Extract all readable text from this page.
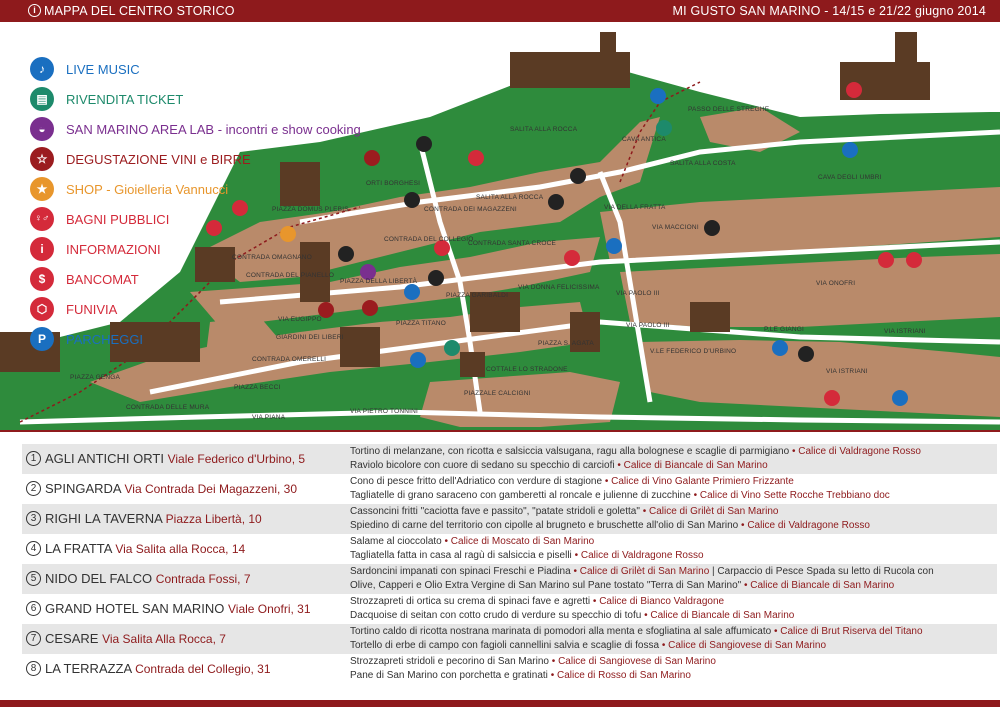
i MAPPA DEL CENTRO STORICO	MI GUSTO SAN MARINO - 14/15 e 21/22 giugno 2014
PASSO DELLE STREGHE
CAVA ANTICA
SALITA ALLA COSTA
CAVA DEGLI UMBRI
SALITA ALLA ROCCA
ORTI BORGHESI
PIAZZA DOMUS PLEBIS	CONTRADA DEI MAGAZZENI
SALITA ALLA ROCCA
VIA DELLA FRATTA
VIA MACCIONI
CONTRADA OMAGNANO
CONTRADA DEL PIANELLO
CONTRADA DEL COLLEGIO
CONTRADA SANTA CROCE
PIAZZA DELLA LIBERTÀ
PIAZZA GARIBALDI
VIA DONNA FELICISSIMA
VIA PAOLO III
VIA PAOLO III
VIA ONOFRI
VIA EUGIPPO
PIAZZA TITANO
GIARDINI DEI LIBERI
CONTRADA OMERELLI
PIAZZA S. AGATA
P.LE GIANGI	VIA ISTRIANI
V.LE FEDERICO D'URBINO
VIA ISTRIANI
PIAZZA GENGA
PIAZZA BECCI
COTTALE LO STRADONE
PIAZZALE CALCIGNI
CONTRADA DELLE MURA
VIA PIANA
VIA PIETRO TONNINI
♪	LIVE MUSIC
▤	RIVENDITA TICKET
◒	SAN MARINO AREA LAB - incontri e show cooking
☆	DEGUSTAZIONE VINI e BIRRE
★	SHOP - Gioielleria Vannucci
♀♂	BAGNI PUBBLICI
i	INFORMAZIONI
$	BANCOMAT
⬡	FUNIVIA
P	PARCHEGGI
1 AGLI ANTICHI ORTI Viale Federico d'Urbino, 5
Tortino di melanzane, con ricotta e salsiccia valsugana, ragu alla bolognese e scaglie di parmigiano • Calice di Valdragone Rosso
Raviolo bicolore con cuore di sedano su specchio di carciofi • Calice di Biancale di San Marino
2 SPINGARDA Via Contrada Dei Magazzeni, 30
Cono di pesce fritto dell'Adriatico con verdure di stagione • Calice di Vino Galante Primiero Frizzante
Tagliatelle di grano saraceno con gamberetti al roncale e julienne di zucchine • Calice di Vino Sette Rocche Trebbiano doc
3 RIGHI LA TAVERNA Piazza Libertà, 10
Cassoncini fritti "caciotta fave e passito", "patate stridoli e goletta" • Calice di Grilèt di San Marino
Spiedino di carne del territorio con cipolle al brugneto e bruschette all'olio di San Marino • Calice di Valdragone Rosso
4 LA FRATTA Via Salita alla Rocca, 14
Salame al cioccolato • Calice di Moscato di San Marino
Tagliatella fatta in casa al ragù di salsiccia e piselli • Calice di Valdragone Rosso
5 NIDO DEL FALCO Contrada Fossi, 7
Sardoncini impanati con spinaci Freschi e Piadina • Calice di Grilèt di San Marino | Carpaccio di Pesce Spada su letto di Rucola con
Olive, Capperi e Olio Extra Vergine di San Marino sul Pane tostato "Terra di San Marino" • Calice di Biancale di San Marino
6 GRAND HOTEL SAN MARINO Viale Onofri, 31
Strozzapreti di ortica su crema di spinaci fave e agretti • Calice di Bianco Valdragone
Dacquoise di seitan con cotto crudo di verdure su specchio di tofu • Calice di Biancale di San Marino
7 CESARE Via Salita Alla Rocca, 7
Tortino caldo di ricotta nostrana marinata di pomodori alla menta e sfogliatina al sale affumicato • Calice di Brut Riserva del Titano
Tortello di erbe di campo con fagioli cannellini salvia e scaglie di fossa • Calice di Sangiovese di San Marino
8 LA TERRAZZA Contrada del Collegio, 31
Strozzapreti stridoli e pecorino di San Marino • Calice di Sangiovese di San Marino
Pane di San Marino con porchetta e gratinati • Calice di Rosso di San Marino
